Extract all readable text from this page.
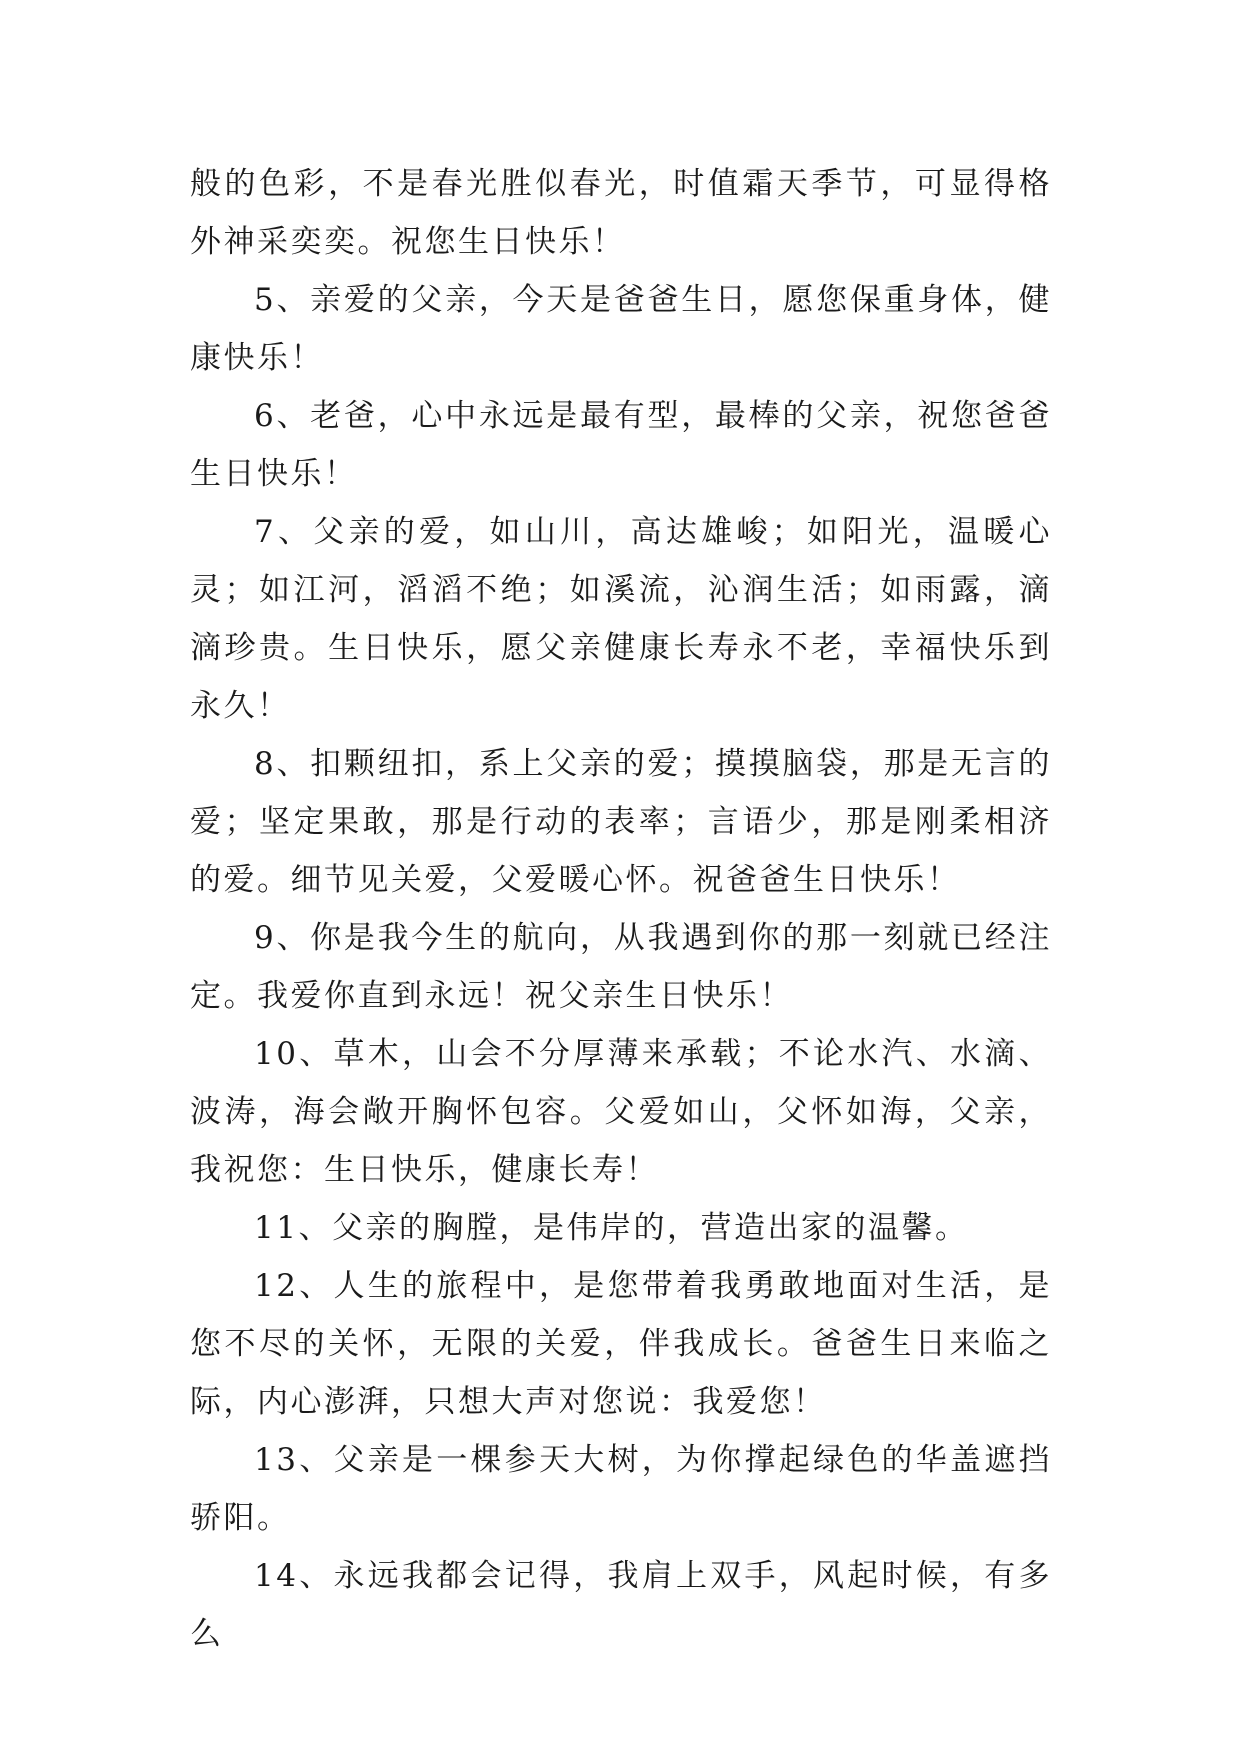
般的色彩，不是春光胜似春光，时值霜天季节，可显得格外神采奕奕。祝您生日快乐！

5、亲爱的父亲，今天是爸爸生日，愿您保重身体，健康快乐！

6、老爸，心中永远是最有型，最棒的父亲，祝您爸爸生日快乐！

7、父亲的爱，如山川，高达雄峻；如阳光，温暖心灵；如江河，滔滔不绝；如溪流，沁润生活；如雨露，滴滴珍贵。生日快乐，愿父亲健康长寿永不老，幸福快乐到永久！

8、扣颗纽扣，系上父亲的爱；摸摸脑袋，那是无言的爱；坚定果敢，那是行动的表率；言语少，那是刚柔相济的爱。细节见关爱，父爱暖心怀。祝爸爸生日快乐！

9、你是我今生的航向，从我遇到你的那一刻就已经注定。我爱你直到永远！祝父亲生日快乐！

10、草木，山会不分厚薄来承载；不论水汽、水滴、波涛，海会敞开胸怀包容。父爱如山，父怀如海，父亲，我祝您：生日快乐，健康长寿！

11、父亲的胸膛，是伟岸的，营造出家的温馨。

12、人生的旅程中，是您带着我勇敢地面对生活，是您不尽的关怀，无限的关爱，伴我成长。爸爸生日来临之际，内心澎湃，只想大声对您说：我爱您！

13、父亲是一棵参天大树，为你撑起绿色的华盖遮挡骄阳。

14、永远我都会记得，我肩上双手，风起时候，有多么
